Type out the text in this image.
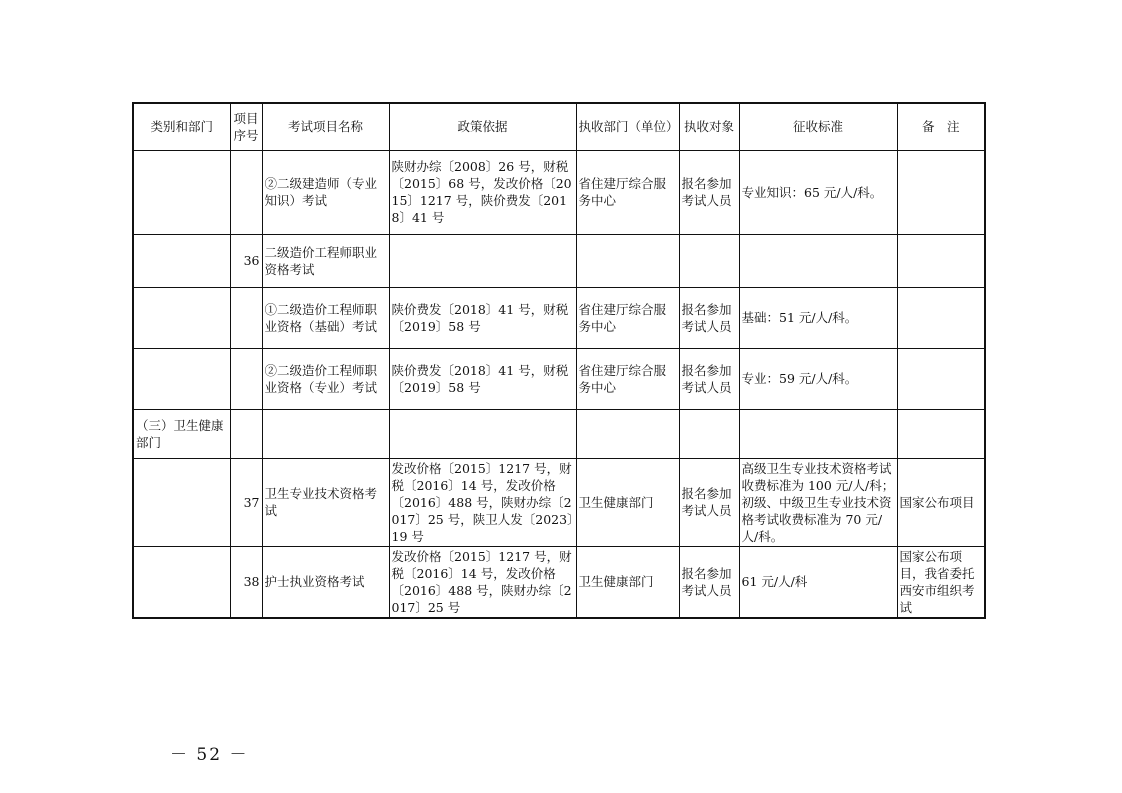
类别和部门	项目序号	考试项目名称	政策依据	执收部门（单位）	执收对象	征收标准	备　注
		②二级建造师（专业知识）考试	陕财办综〔2008〕26 号，财税〔2015〕68 号，发改价格〔2015〕1217 号，陕价费发〔2018〕41 号	省住建厅综合服务中心	报名参加考试人员	专业知识：65 元/人/科。	
	36	二级造价工程师职业资格考试					
		①二级造价工程师职业资格（基础）考试	陕价费发〔2018〕41 号，财税〔2019〕58 号	省住建厅综合服务中心	报名参加考试人员	基础：51 元/人/科。	
		②二级造价工程师职业资格（专业）考试	陕价费发〔2018〕41 号，财税〔2019〕58 号	省住建厅综合服务中心	报名参加考试人员	专业：59 元/人/科。	
（三）卫生健康部门							
	37	卫生专业技术资格考试	发改价格〔2015〕1217 号，财税〔2016〕14 号，发改价格〔2016〕488 号，陕财办综〔2017〕25 号，陕卫人发〔2023〕19 号	卫生健康部门	报名参加考试人员	高级卫生专业技术资格考试收费标准为 100 元/人/科；初级、中级卫生专业技术资格考试收费标准为 70 元/人/科。	国家公布项目
	38	护士执业资格考试	发改价格〔2015〕1217 号，财税〔2016〕14 号，发改价格〔2016〕488 号，陕财办综〔2017〕25 号	卫生健康部门	报名参加考试人员	61 元/人/科	国家公布项目，我省委托西安市组织考试
－ 52 －
